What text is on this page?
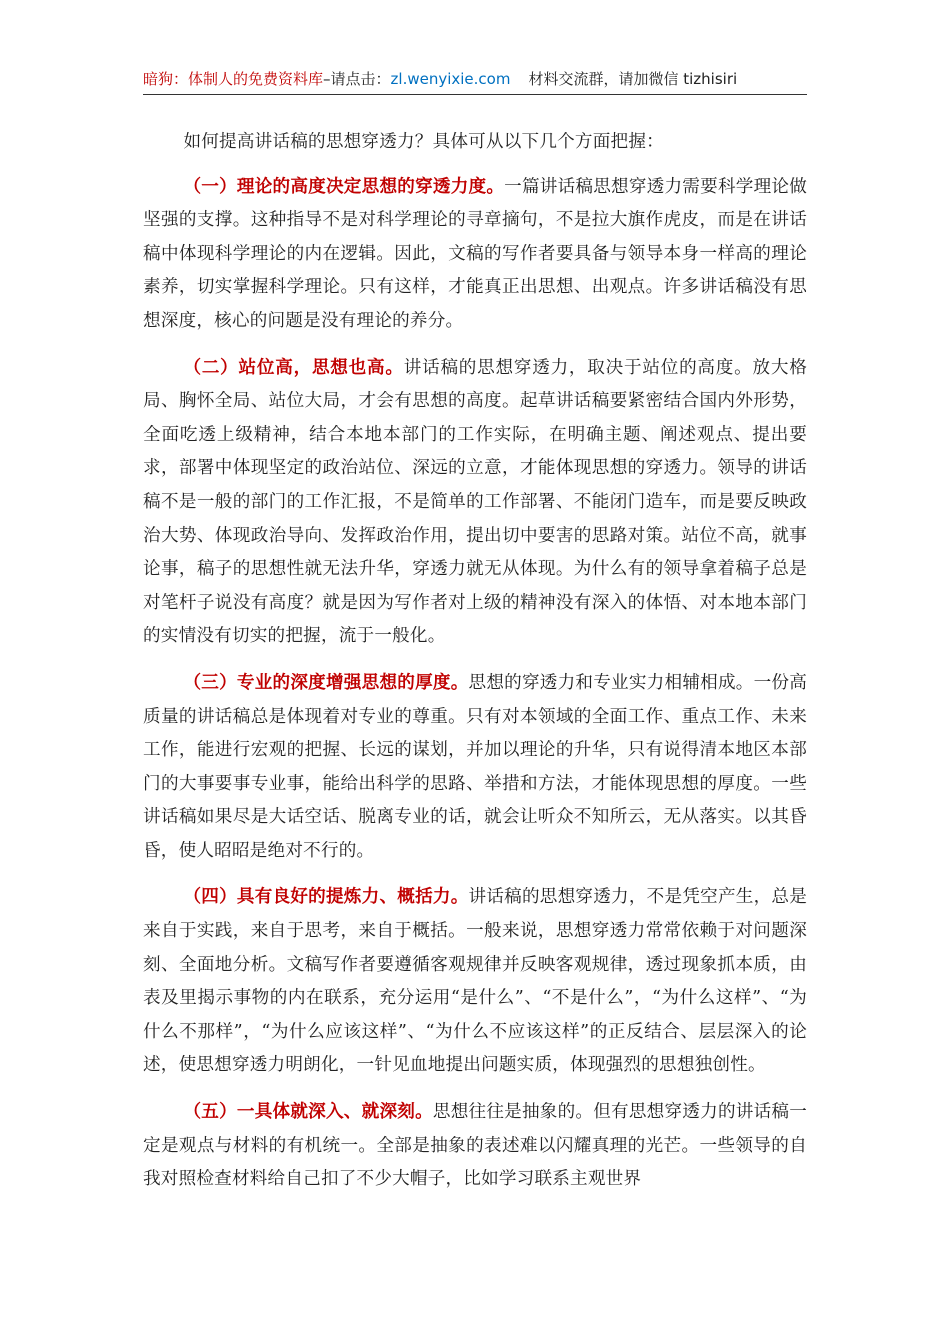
暗狗：体制人的免费资料库–请点击：zl.wenyixie.com 材料交流群，请加微信 tizhisiri

如何提高讲话稿的思想穿透力？具体可从以下几个方面把握：

（一）理论的高度决定思想的穿透力度。一篇讲话稿思想穿透力需要科学理论做坚强的支撑。这种指导不是对科学理论的寻章摘句，不是拉大旗作虎皮，而是在讲话稿中体现科学理论的内在逻辑。因此，文稿的写作者要具备与领导本身一样高的理论素养，切实掌握科学理论。只有这样，才能真正出思想、出观点。许多讲话稿没有思想深度，核心的问题是没有理论的养分。

（二）站位高，思想也高。讲话稿的思想穿透力，取决于站位的高度。放大格局、胸怀全局、站位大局，才会有思想的高度。起草讲话稿要紧密结合国内外形势，全面吃透上级精神，结合本地本部门的工作实际，在明确主题、阐述观点、提出要求，部署中体现坚定的政治站位、深远的立意，才能体现思想的穿透力。领导的讲话稿不是一般的部门的工作汇报，不是简单的工作部署、不能闭门造车，而是要反映政治大势、体现政治导向、发挥政治作用，提出切中要害的思路对策。站位不高，就事论事，稿子的思想性就无法升华，穿透力就无从体现。为什么有的领导拿着稿子总是对笔杆子说没有高度？就是因为写作者对上级的精神没有深入的体悟、对本地本部门的实情没有切实的把握，流于一般化。

（三）专业的深度增强思想的厚度。思想的穿透力和专业实力相辅相成。一份高质量的讲话稿总是体现着对专业的尊重。只有对本领域的全面工作、重点工作、未来工作，能进行宏观的把握、长远的谋划，并加以理论的升华，只有说得清本地区本部门的大事要事专业事，能给出科学的思路、举措和方法，才能体现思想的厚度。一些讲话稿如果尽是大话空话、脱离专业的话，就会让听众不知所云，无从落实。以其昏昏，使人昭昭是绝对不行的。

（四）具有良好的提炼力、概括力。讲话稿的思想穿透力，不是凭空产生，总是来自于实践，来自于思考，来自于概括。一般来说，思想穿透力常常依赖于对问题深刻、全面地分析。文稿写作者要遵循客观规律并反映客观规律，透过现象抓本质，由表及里揭示事物的内在联系，充分运用“是什么”、“不是什么”，“为什么这样”、“为什么不那样”，“为什么应该这样”、“为什么不应该这样”的正反结合、层层深入的论述，使思想穿透力明朗化，一针见血地提出问题实质，体现强烈的思想独创性。

（五）一具体就深入、就深刻。思想往往是抽象的。但有思想穿透力的讲话稿一定是观点与材料的有机统一。全部是抽象的表述难以闪耀真理的光芒。一些领导的自我对照检查材料给自己扣了不少大帽子，比如学习联系主观世界
